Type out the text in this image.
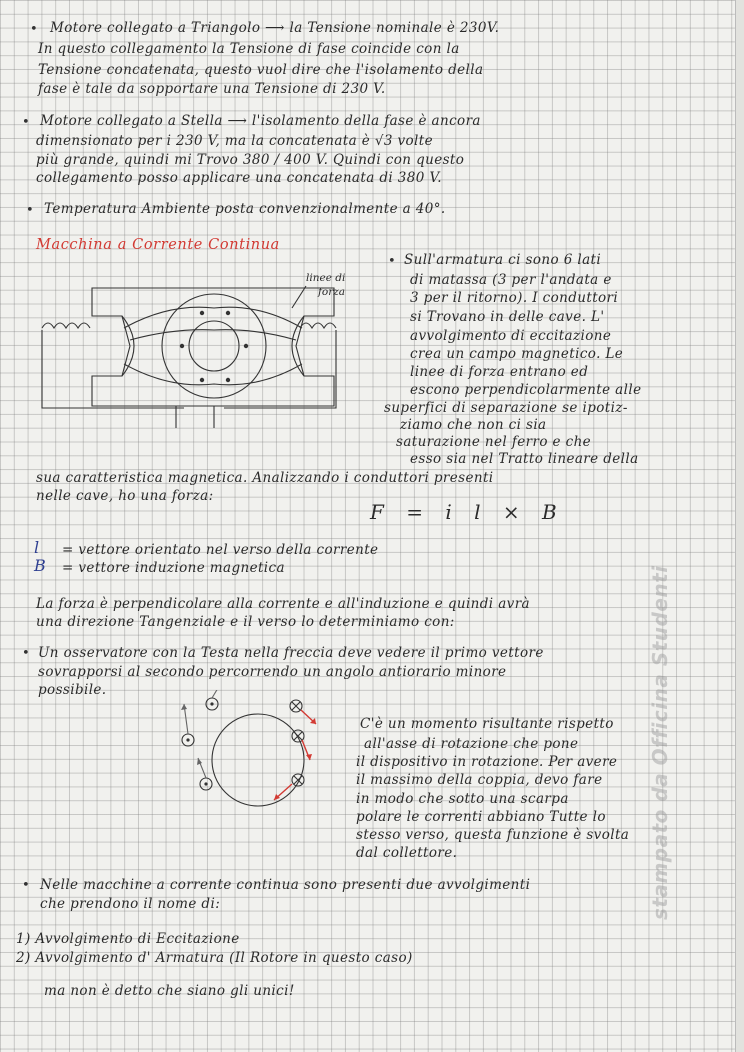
• Motore collegato a Triangolo ⟶ la Tensione nominale è 230V.
In questo collegamento la Tensione di fase coincide con la
Tensione concatenata, questo vuol dire che l'isolamento della
fase è tale da sopportare una Tensione di 230 V.
• Motore collegato a Stella ⟶ l'isolamento della fase è ancora
dimensionato per i 230 V, ma la concatenata è √3 volte
più grande, quindi mi Trovo 380 / 400 V. Quindi con questo
collegamento posso applicare una concatenata di 380 V.
• Temperatura Ambiente posta convenzionalmente a 40°.
Macchina a Corrente Continua
linee di
forza
• Sull'armatura ci sono 6 lati
di matassa (3 per l'andata e
3 per il ritorno). I conduttori
si Trovano in delle cave. L'
avvolgimento di eccitazione
crea un campo magnetico. Le
linee di forza entrano ed
escono perpendicolarmente alle
superfici di separazione se ipotiz-
ziamo che non ci sia
saturazione nel ferro e che
esso sia nel Tratto lineare della
sua caratteristica magnetica. Analizzando i conduttori presenti
nelle cave, ho una forza:
F = i l × B
l = vettore orientato nel verso della corrente
B = vettore induzione magnetica
La forza è perpendicolare alla corrente e all'induzione e quindi avrà
una direzione Tangenziale e il verso lo determiniamo con:
• Un osservatore con la Testa nella freccia deve vedere il primo vettore
sovrapporsi al secondo percorrendo un angolo antiorario minore
possibile.
C'è un momento risultante rispetto
all'asse di rotazione che pone
il dispositivo in rotazione. Per avere
il massimo della coppia, devo fare
in modo che sotto una scarpa
polare le correnti abbiano Tutte lo
stesso verso, questa funzione è svolta
dal collettore.
• Nelle macchine a corrente continua sono presenti due avvolgimenti
che prendono il nome di:
1) Avvolgimento di Eccitazione
2) Avvolgimento d' Armatura (Il Rotore in questo caso)
ma non è detto che siano gli unici!
stampato da Officina Studenti
